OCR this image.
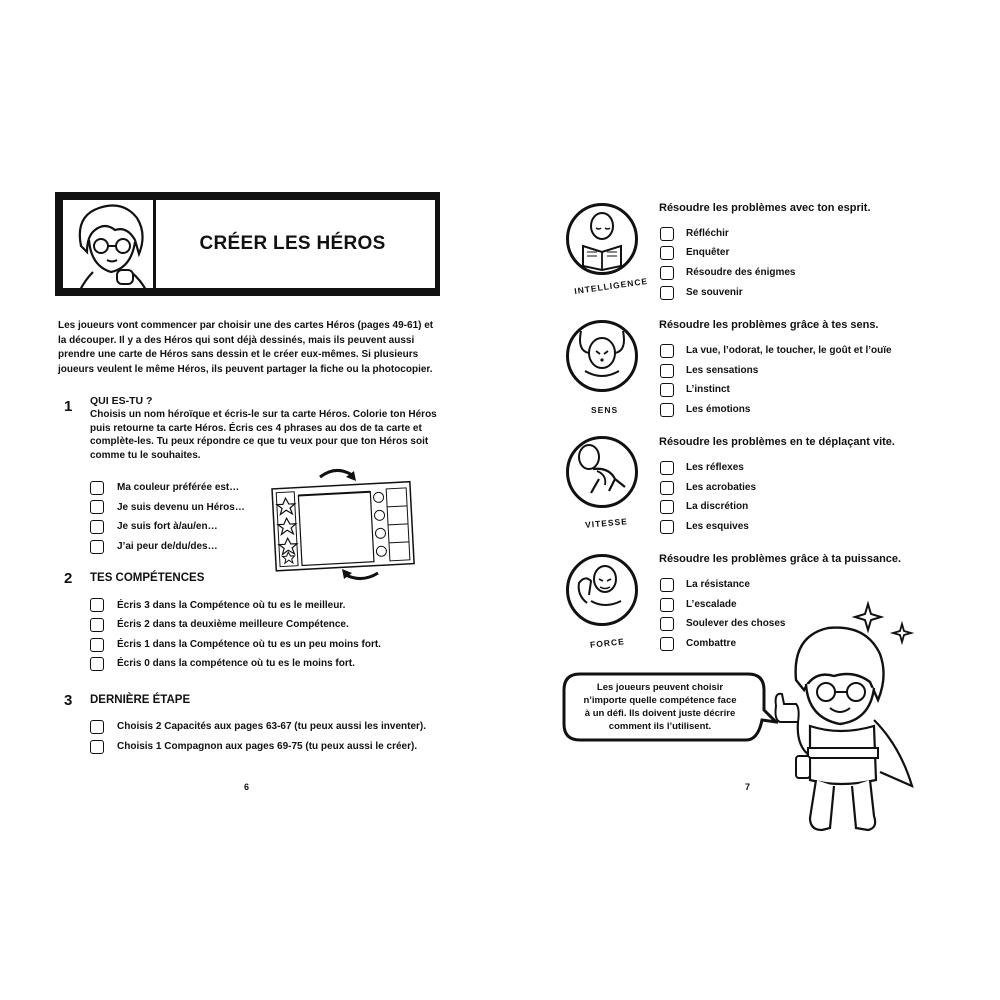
CRÉER LES HÉROS
Les joueurs vont commencer par choisir une des cartes Héros (pages 49-61) et la découper. Il y a des Héros qui sont déjà dessinés, mais ils peuvent aussi prendre une carte de Héros sans dessin et le créer eux-mêmes. Si plusieurs joueurs veulent le même Héros, ils peuvent partager la fiche ou la photocopier.
1 QUI ES-TU ?
Choisis un nom héroïque et écris-le sur ta carte Héros. Colorie ton Héros puis retourne ta carte Héros. Écris ces 4 phrases au dos de ta carte et complète-les. Tu peux répondre ce que tu veux pour que ton Héros soit comme tu le souhaites.
Ma couleur préférée est…
Je suis devenu un Héros…
Je suis fort à/au/en…
J’ai peur de/du/des…
2 TES COMPÉTENCES
Écris 3 dans la Compétence où tu es le meilleur.
Écris 2 dans ta deuxième meilleure Compétence.
Écris 1 dans la Compétence où tu es un peu moins fort.
Écris 0 dans la compétence où tu es le moins fort.
3 DERNIÈRE ÉTAPE
Choisis 2 Capacités aux pages 63-67 (tu peux aussi les inventer).
Choisis 1 Compagnon aux pages 69-75 (tu peux aussi le créer).
6
INTELLIGENCE
Résoudre les problèmes avec ton esprit.
Réfléchir
Enquêter
Résoudre des énigmes
Se souvenir
SENS
Résoudre les problèmes grâce à tes sens.
La vue, l’odorat, le toucher, le goût et l’ouïe
Les sensations
L’instinct
Les émotions
VITESSE
Résoudre les problèmes en te déplaçant vite.
Les réflexes
Les acrobaties
La discrétion
Les esquives
FORCE
Résoudre les problèmes grâce à ta puissance.
La résistance
L’escalade
Soulever des choses
Combattre
Les joueurs peuvent choisir n’importe quelle compétence face à un défi. Ils doivent juste décrire comment ils l’utilisent.
7
